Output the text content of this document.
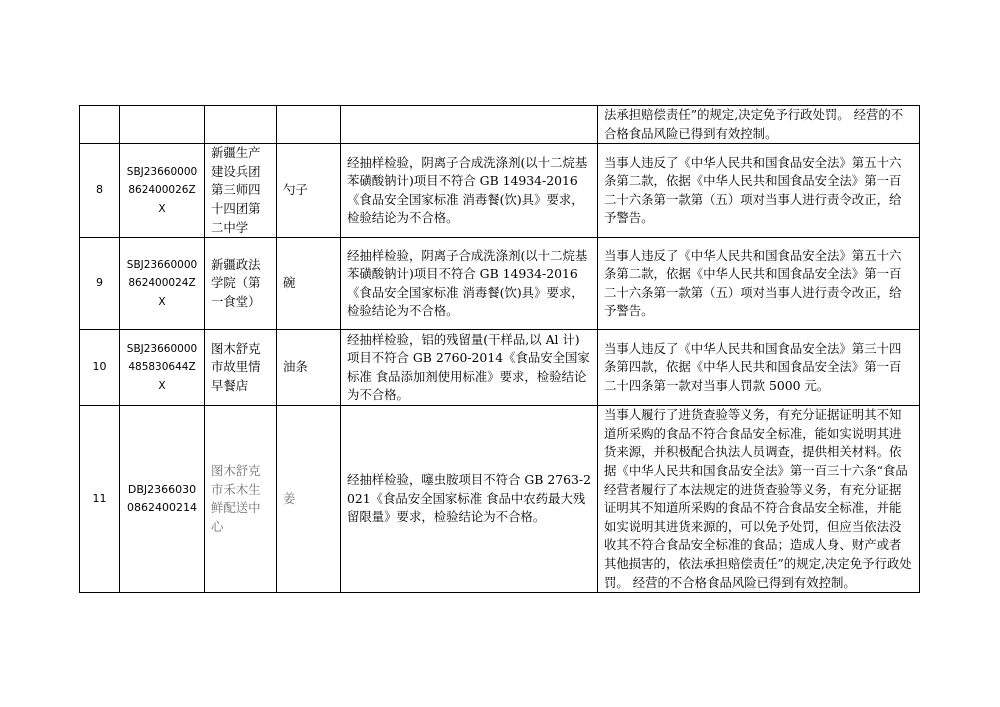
					法承担赔偿责任”的规定,决定免予行政处罚。 经营的不合格食品风险已得到有效控制。
8	SBJ23660000862400026ZX	新疆生产建设兵团第三师四十四团第二中学	勺子	经抽样检验，阴离子合成洗涤剂(以十二烷基苯磺酸钠计)项目不符合 GB 14934-2016《食品安全国家标准 消毒餐(饮)具》要求，检验结论为不合格。	当事人违反了《中华人民共和国食品安全法》第五十六条第二款，依据《中华人民共和国食品安全法》第一百二十六条第一款第（五）项对当事人进行责令改正，给予警告。
9	SBJ23660000862400024ZX	新疆政法学院（第一食堂）	碗	经抽样检验，阴离子合成洗涤剂(以十二烷基苯磺酸钠计)项目不符合 GB 14934-2016《食品安全国家标准 消毒餐(饮)具》要求，检验结论为不合格。	当事人违反了《中华人民共和国食品安全法》第五十六条第二款，依据《中华人民共和国食品安全法》第一百二十六条第一款第（五）项对当事人进行责令改正，给予警告。
10	SBJ23660000485830644ZX	图木舒克市故里情早餐店	油条	经抽样检验，铝的残留量(干样品,以 Al 计)项目不符合 GB 2760-2014《食品安全国家标准 食品添加剂使用标准》要求，检验结论为不合格。	当事人违反了《中华人民共和国食品安全法》第三十四条第四款，依据《中华人民共和国食品安全法》第一百二十四条第一款对当事人罚款 5000 元。
11	DBJ23660300862400214	图木舒克市禾木生鲜配送中心	姜	经抽样检验，噻虫胺项目不符合 GB 2763-2021《食品安全国家标准 食品中农药最大残留限量》要求，检验结论为不合格。	当事人履行了进货查验等义务，有充分证据证明其不知道所采购的食品不符合食品安全标准，能如实说明其进货来源，并积极配合执法人员调查，提供相关材料。依据《中华人民共和国食品安全法》第一百三十六条“食品经营者履行了本法规定的进货查验等义务，有充分证据证明其不知道所采购的食品不符合食品安全标准，并能如实说明其进货来源的，可以免予处罚，但应当依法没收其不符合食品安全标准的食品；造成人身、财产或者其他损害的，依法承担赔偿责任”的规定,决定免予行政处罚。 经营的不合格食品风险已得到有效控制。
